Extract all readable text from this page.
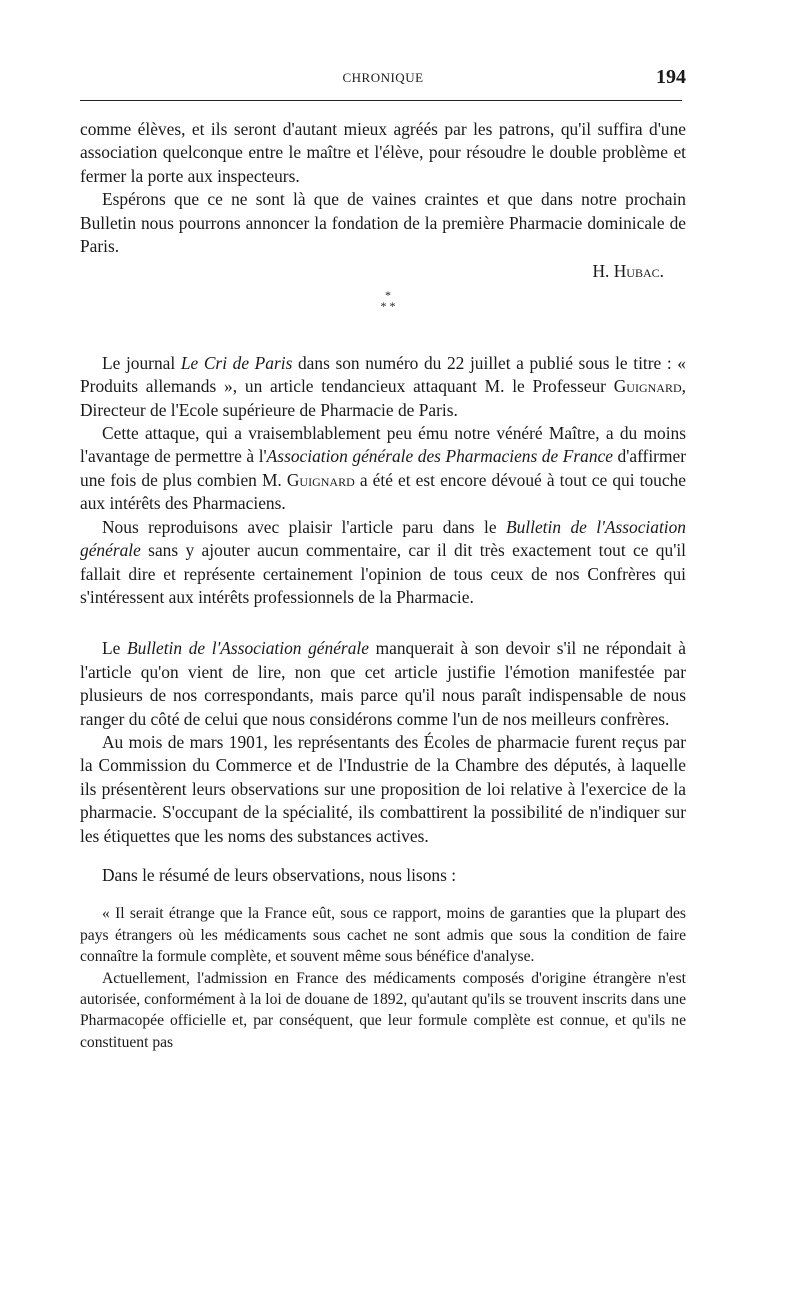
CHRONIQUE	194

comme élèves, et ils seront d'autant mieux agréés par les patrons, qu'il suffira d'une association quelconque entre le maître et l'élève, pour résoudre le double problème et fermer la porte aux inspecteurs.

Espérons que ce ne sont là que de vaines craintes et que dans notre prochain Bulletin nous pourrons annoncer la fondation de la première Pharmacie dominicale de Paris.

H. Hubac.

*
* *

Le journal Le Cri de Paris dans son numéro du 22 juillet a publié sous le titre : « Produits allemands », un article tendancieux attaquant M. le Professeur Guignard, Directeur de l'Ecole supérieure de Pharmacie de Paris.

Cette attaque, qui a vraisemblablement peu ému notre vénéré Maître, a du moins l'avantage de permettre à l'Association générale des Pharmaciens de France d'affirmer une fois de plus combien M. Guignard a été et est encore dévoué à tout ce qui touche aux intérêts des Pharmaciens.

Nous reproduisons avec plaisir l'article paru dans le Bulletin de l'Association générale sans y ajouter aucun commentaire, car il dit très exactement tout ce qu'il fallait dire et représente certainement l'opinion de tous ceux de nos Confrères qui s'intéressent aux intérêts professionnels de la Pharmacie.

Le Bulletin de l'Association générale manquerait à son devoir s'il ne répondait à l'article qu'on vient de lire, non que cet article justifie l'émotion manifestée par plusieurs de nos correspondants, mais parce qu'il nous paraît indispensable de nous ranger du côté de celui que nous considérons comme l'un de nos meilleurs confrères.

Au mois de mars 1901, les représentants des Écoles de pharmacie furent reçus par la Commission du Commerce et de l'Industrie de la Chambre des députés, à laquelle ils présentèrent leurs observations sur une proposition de loi relative à l'exercice de la pharmacie. S'occupant de la spécialité, ils combattirent la possibilité de n'indiquer sur les étiquettes que les noms des substances actives.

Dans le résumé de leurs observations, nous lisons :

« Il serait étrange que la France eût, sous ce rapport, moins de garanties que la plupart des pays étrangers où les médicaments sous cachet ne sont admis que sous la condition de faire connaître la formule complète, et souvent même sous bénéfice d'analyse.

Actuellement, l'admission en France des médicaments composés d'origine étrangère n'est autorisée, conformément à la loi de douane de 1892, qu'autant qu'ils se trouvent inscrits dans une Pharmacopée officielle et, par conséquent, que leur formule complète est connue, et qu'ils ne constituent pas
